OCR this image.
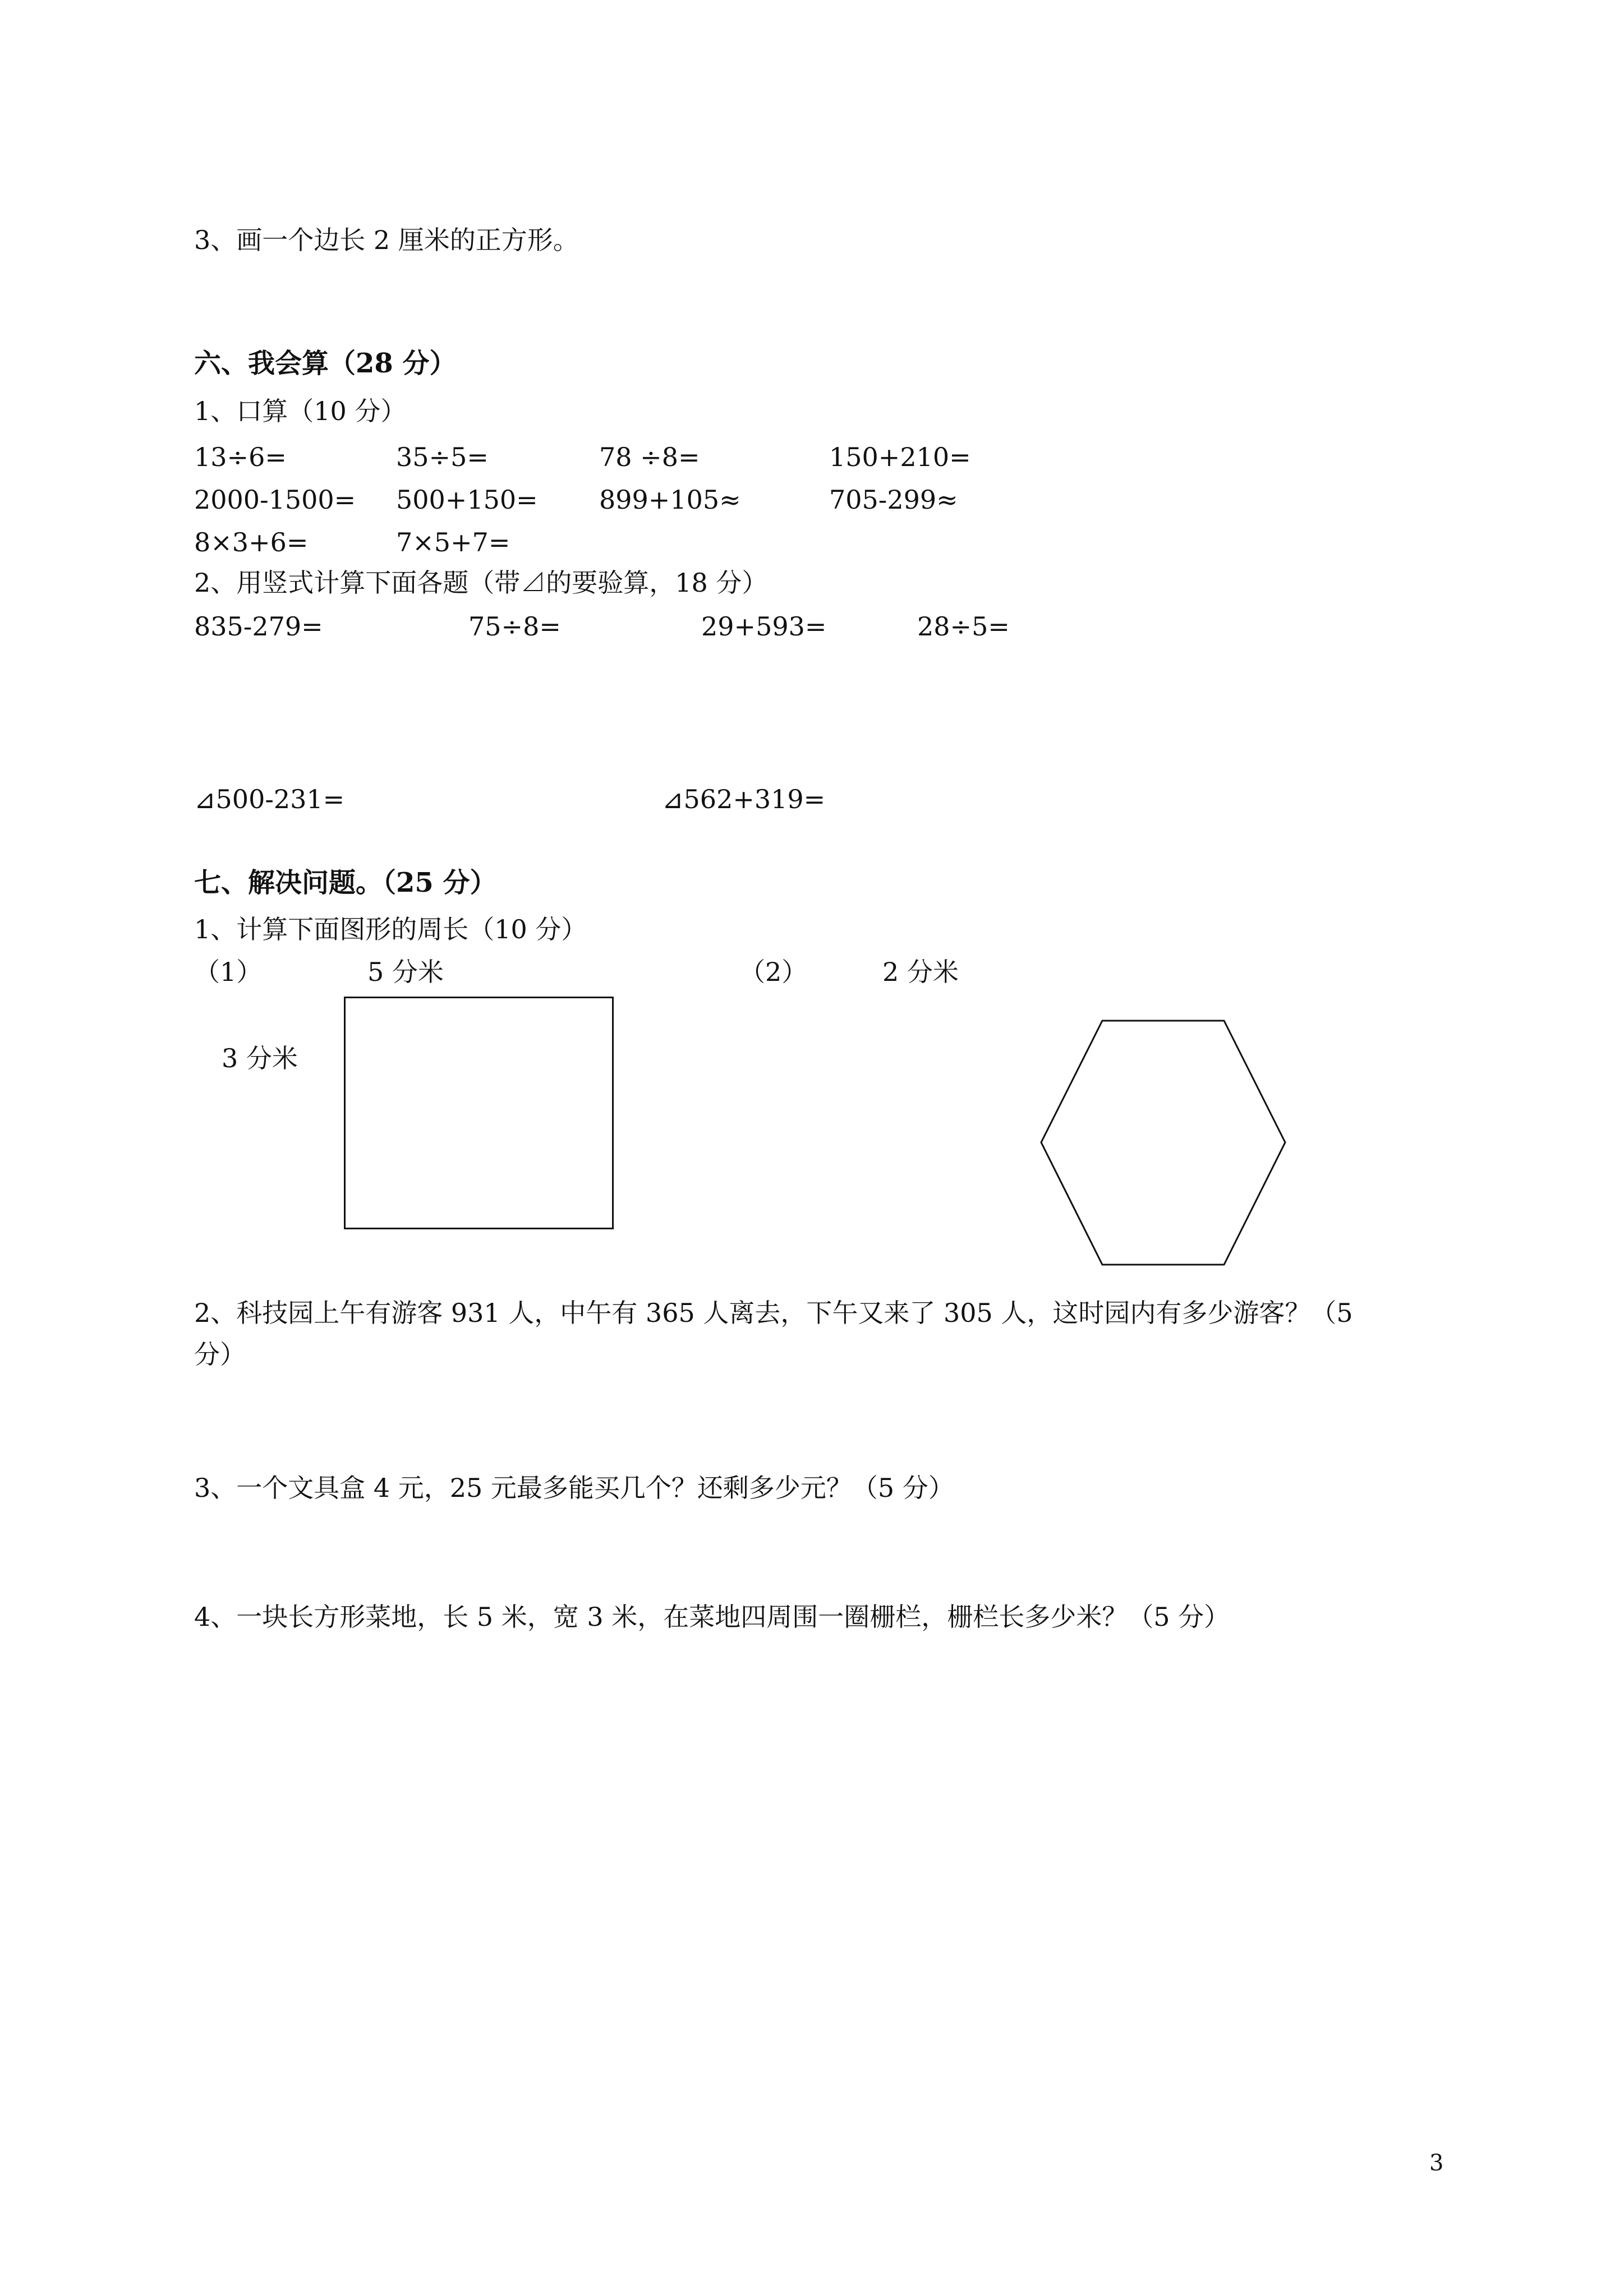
3、画一个边长 2 厘米的正方形。
六、我会算（28 分）
1、口算（10 分）
13÷6=	35÷5=	78 ÷8=	150+210=
2000-1500= 500+150= 899+105≈	705-299≈
8×3+6=	7×5+7=
2、用竖式计算下面各题（带⊿的要验算，18 分）
835-279=	75÷8=	29+593=	28÷5=
⊿500-231=	⊿562+319=
七、解决问题。（25 分）
1、计算下面图形的周长（10 分）
（1）	5 分米
3 分米
（2）	2 分米
2、科技园上午有游客 931 人，中午有 365 人离去，下午又来了 305 人，这时园内有多少游客？（5
分）
3、一个文具盒 4 元，25 元最多能买几个？还剩多少元？（5 分）
4、一块长方形菜地，长 5 米，宽 3 米，在菜地四周围一圈栅栏，栅栏长多少米？（5 分）
3
